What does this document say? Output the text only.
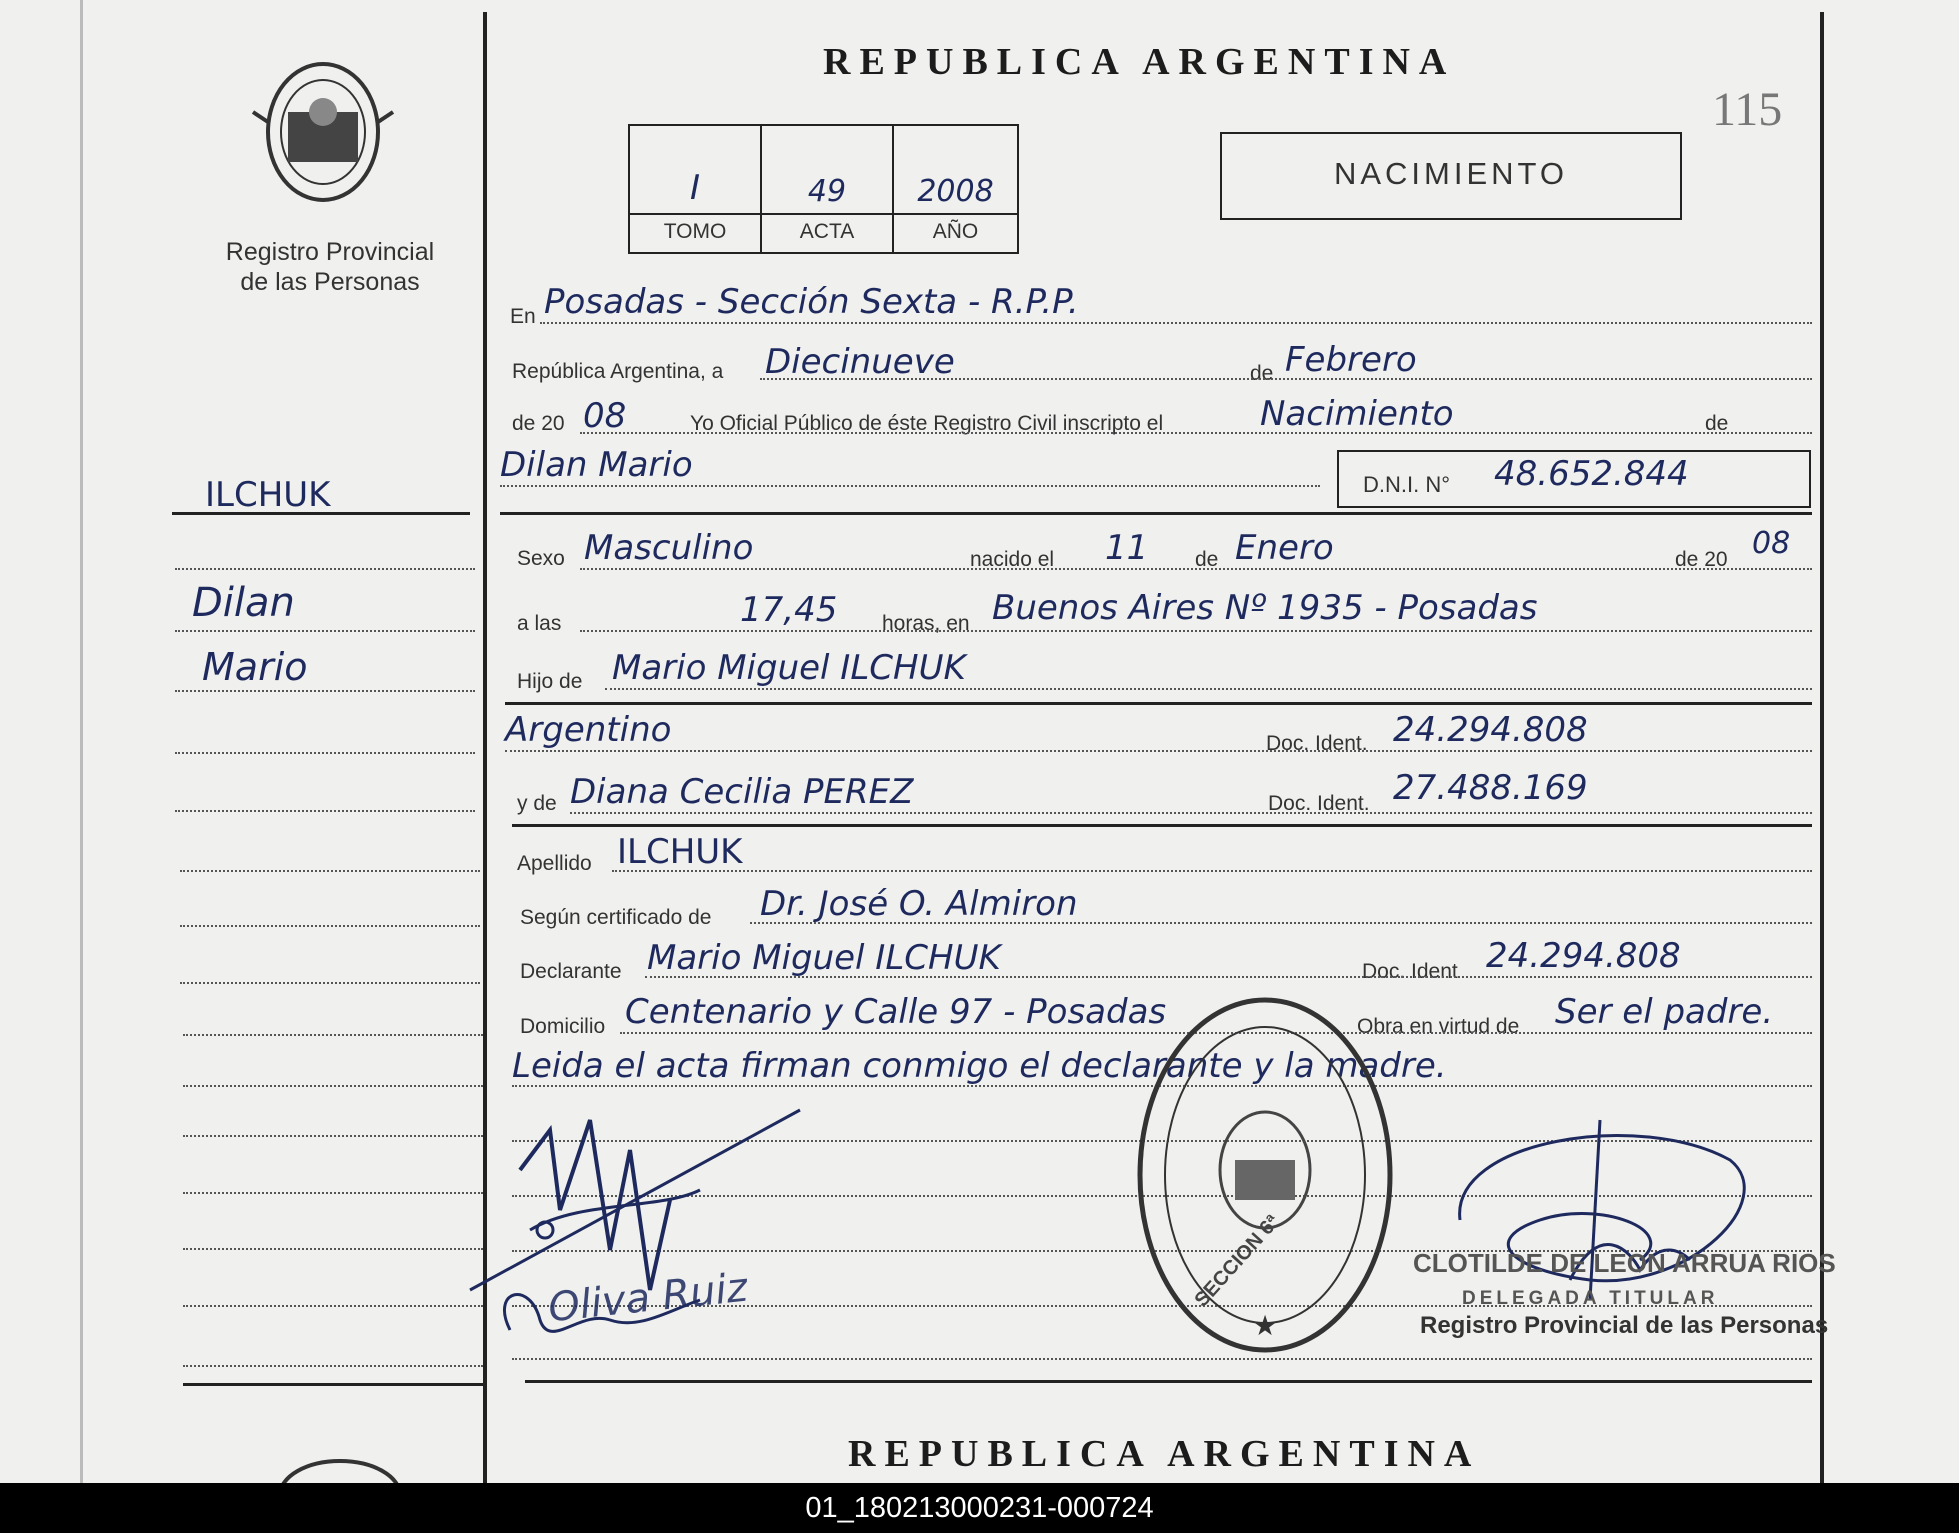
Registro Provincial
de las Personas
REPUBLICA ARGENTINA
115
I	49	2008
TOMO	ACTA	AÑO
NACIMIENTO
ILCHUK
Dilan
Mario
En Posadas - Sección Sexta - R.P.P.
República Argentina, a Diecinueve	de Febrero
de 20 08	Yo Oficial Público de éste Registro Civil inscripto el	Nacimiento	de
Dilan Mario	D.N.I. N° 48.652.844
Sexo Masculino	nacido el 11 de Enero	de 20 08
a las	17,45 horas, en Buenos Aires Nº 1935 - Posadas
Hijo de Mario Miguel ILCHUK
Argentino	Doc. Ident. 24.294.808
y de Diana Cecilia PEREZ	Doc. Ident. 27.488.169
Apellido ILCHUK
Según certificado de Dr. José O. Almiron
Declarante Mario Miguel ILCHUK	Doc. Ident 24.294.808
Domicilio Centenario y Calle 97 - Posadas	Obra en virtud de Ser el padre.
Leida el acta firman conmigo el declarante y la madre.
Oliva Ruiz	★
SECCION 6ª	CLOTILDE DE LEON ARRUA RIOS
DELEGADA TITULAR
Registro Provincial de las Personas
REPUBLICA ARGENTINA
01_180213000231-000724
